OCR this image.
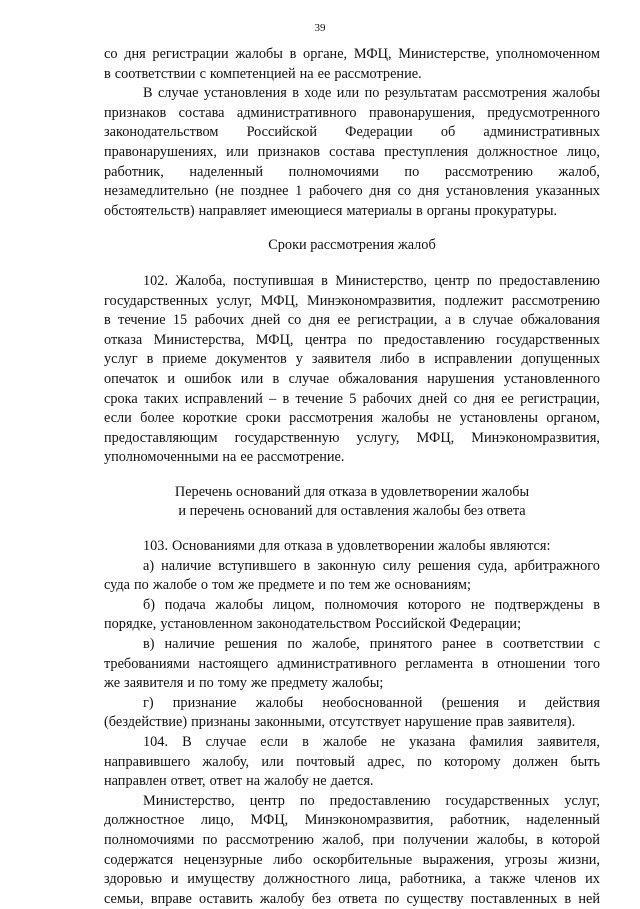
39
со дня регистрации жалобы в органе, МФЦ, Министерстве, уполномоченном
в соответствии с компетенцией на ее рассмотрение.
В случае установления в ходе или по результатам рассмотрения жалобы
признаков состава административного правонарушения, предусмотренного
законодательством Российской Федерации об административных
правонарушениях, или признаков состава преступления должностное лицо,
работник, наделенный полномочиями по рассмотрению жалоб,
незамедлительно (не позднее 1 рабочего дня со дня установления указанных
обстоятельств) направляет имеющиеся материалы в органы прокуратуры.
Сроки рассмотрения жалоб
102. Жалоба, поступившая в Министерство, центр по предоставлению
государственных услуг, МФЦ, Минэкономразвития, подлежит рассмотрению
в течение 15 рабочих дней со дня ее регистрации, а в случае обжалования
отказа Министерства, МФЦ, центра по предоставлению государственных
услуг в приеме документов у заявителя либо в исправлении допущенных
опечаток и ошибок или в случае обжалования нарушения установленного
срока таких исправлений – в течение 5 рабочих дней со дня ее регистрации,
если более короткие сроки рассмотрения жалобы не установлены органом,
предоставляющим государственную услугу, МФЦ, Минэкономразвития,
уполномоченными на ее рассмотрение.
Перечень оснований для отказа в удовлетворении жалобы
и перечень оснований для оставления жалобы без ответа
103. Основаниями для отказа в удовлетворении жалобы являются:
а) наличие вступившего в законную силу решения суда, арбитражного
суда по жалобе о том же предмете и по тем же основаниям;
б) подача жалобы лицом, полномочия которого не подтверждены в
порядке, установленном законодательством Российской Федерации;
в) наличие решения по жалобе, принятого ранее в соответствии с
требованиями настоящего административного регламента в отношении того
же заявителя и по тому же предмету жалобы;
г) признание жалобы необоснованной (решения и действия
(бездействие) признаны законными, отсутствует нарушение прав заявителя).
104. В случае если в жалобе не указана фамилия заявителя,
направившего жалобу, или почтовый адрес, по которому должен быть
направлен ответ, ответ на жалобу не дается.
Министерство, центр по предоставлению государственных услуг,
должностное лицо, МФЦ, Минэкономразвития, работник, наделенный
полномочиями по рассмотрению жалоб, при получении жалобы, в которой
содержатся нецензурные либо оскорбительные выражения, угрозы жизни,
здоровью и имуществу должностного лица, работника, а также членов их
семьи, вправе оставить жалобу без ответа по существу поставленных в ней
